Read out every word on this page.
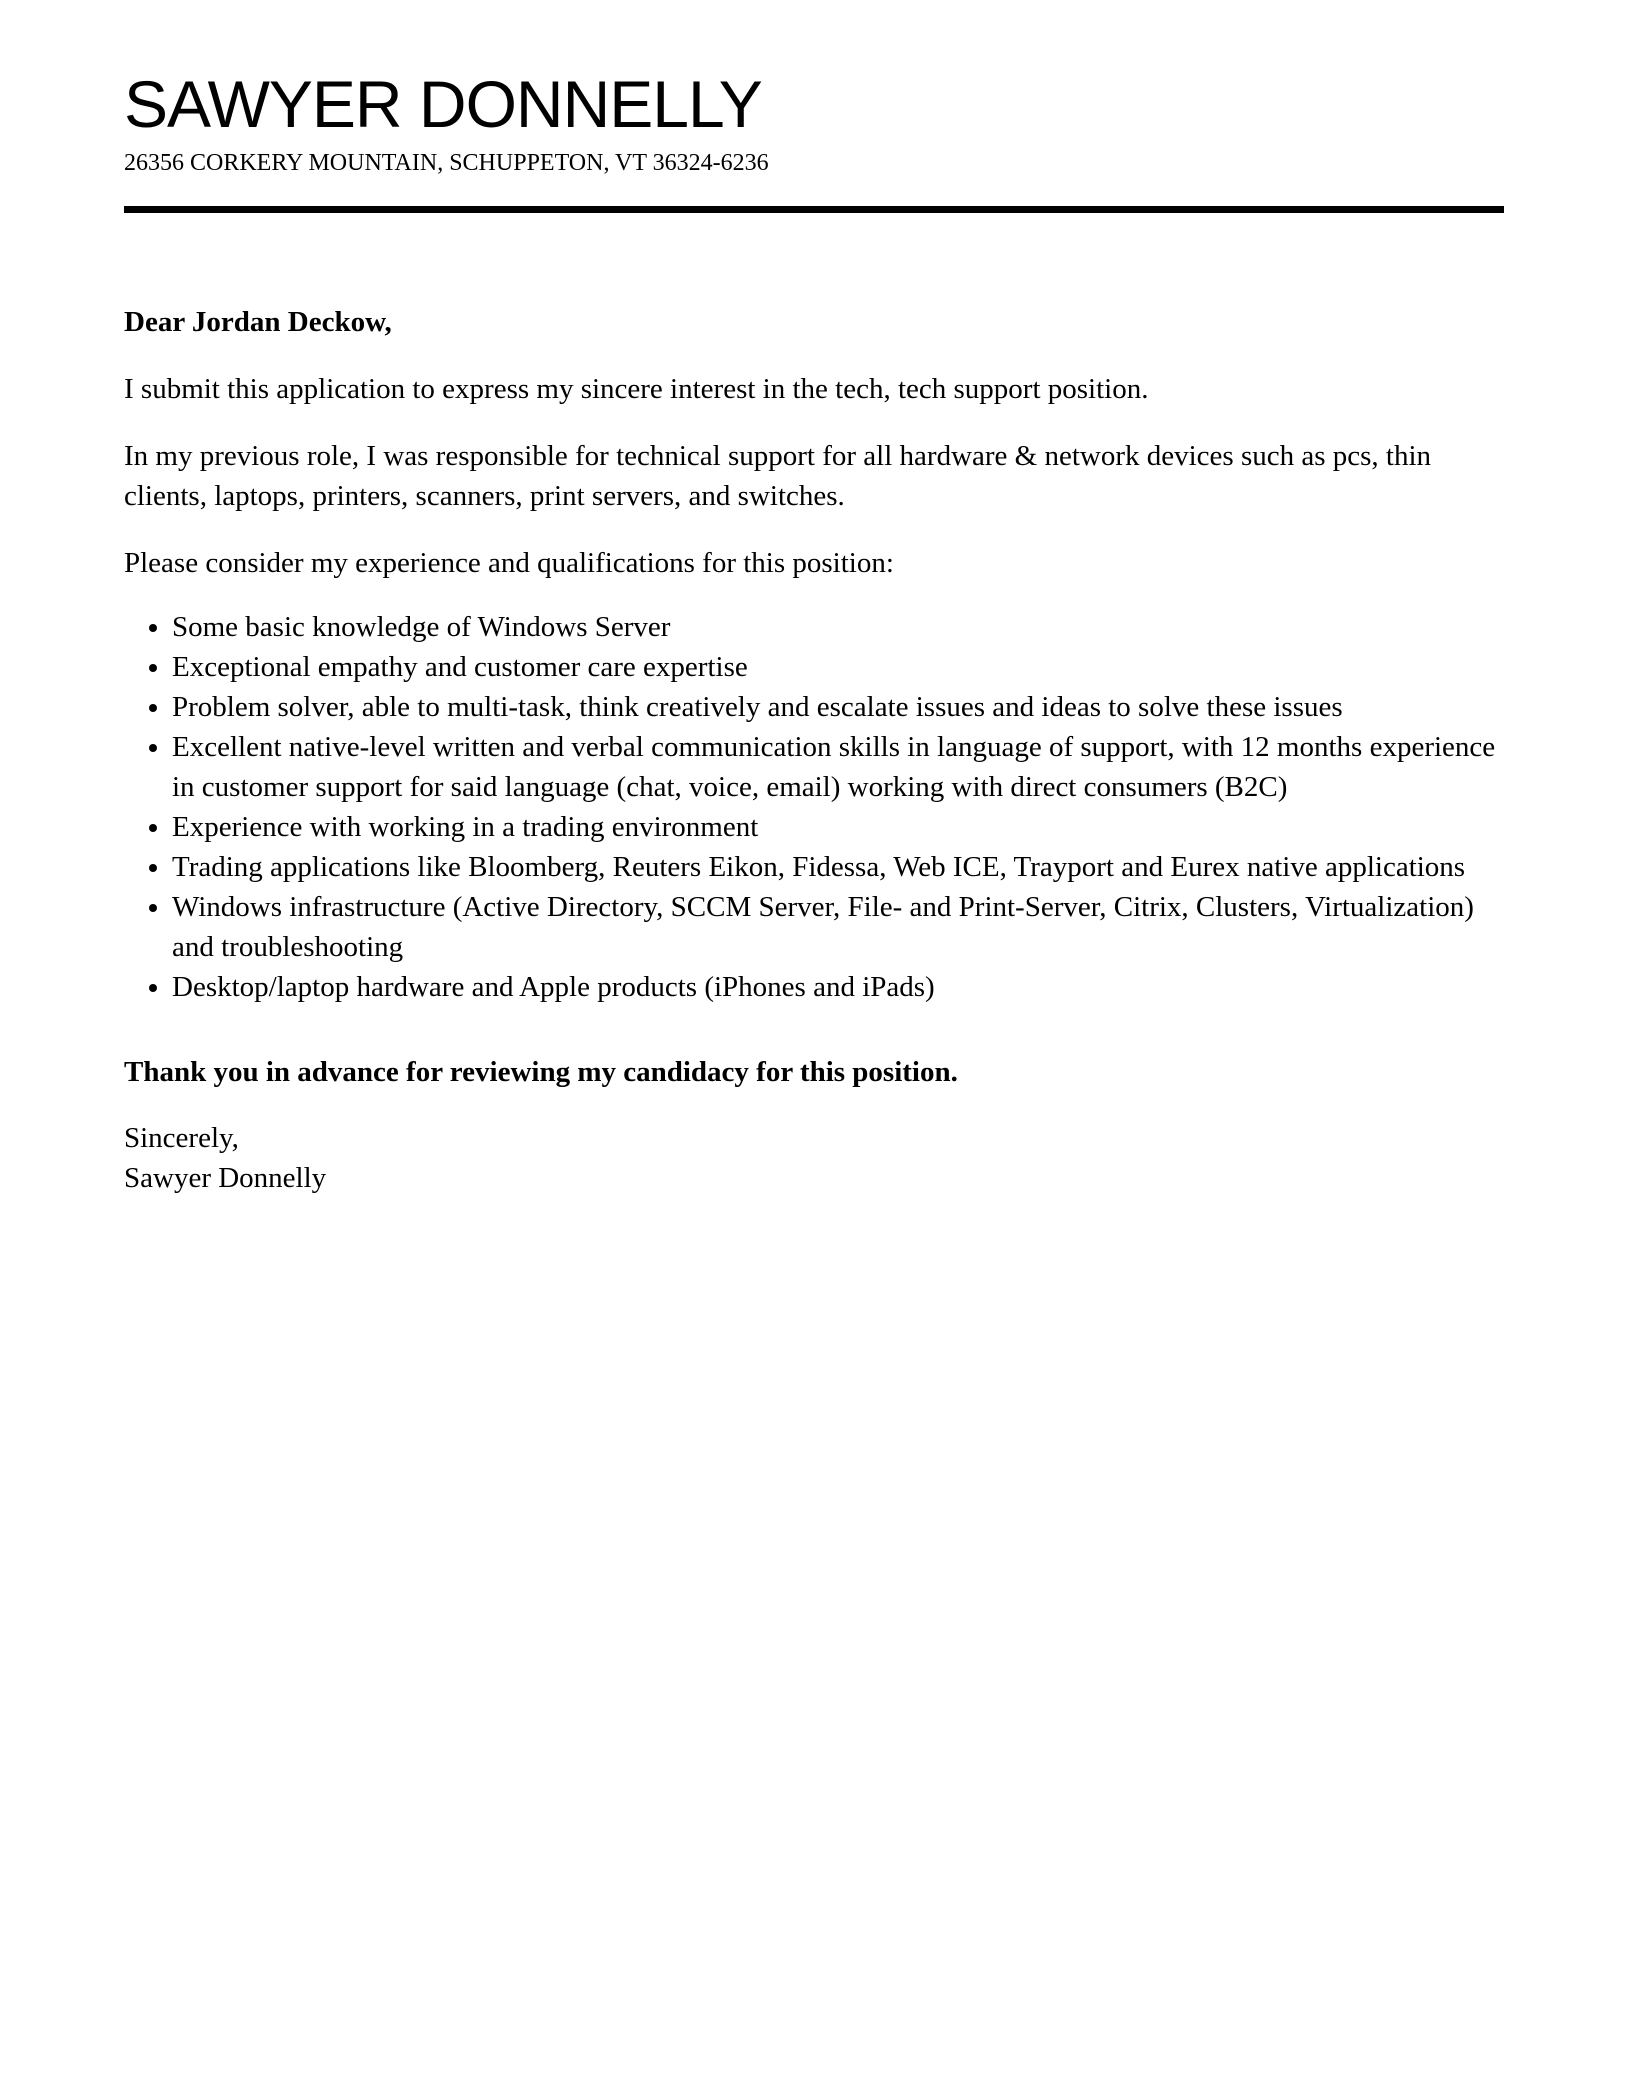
SAWYER DONNELLY
26356 CORKERY MOUNTAIN, SCHUPPETON, VT 36324-6236

Dear Jordan Deckow,

I submit this application to express my sincere interest in the tech, tech support position.

In my previous role, I was responsible for technical support for all hardware & network devices such as pcs, thin clients, laptops, printers, scanners, print servers, and switches.

Please consider my experience and qualifications for this position:

• Some basic knowledge of Windows Server
• Exceptional empathy and customer care expertise
• Problem solver, able to multi-task, think creatively and escalate issues and ideas to solve these issues
• Excellent native-level written and verbal communication skills in language of support, with 12 months experience in customer support for said language (chat, voice, email) working with direct consumers (B2C)
• Experience with working in a trading environment
• Trading applications like Bloomberg, Reuters Eikon, Fidessa, Web ICE, Trayport and Eurex native applications
• Windows infrastructure (Active Directory, SCCM Server, File- and Print-Server, Citrix, Clusters, Virtualization) and troubleshooting
• Desktop/laptop hardware and Apple products (iPhones and iPads)

Thank you in advance for reviewing my candidacy for this position.

Sincerely,

Sawyer Donnelly
